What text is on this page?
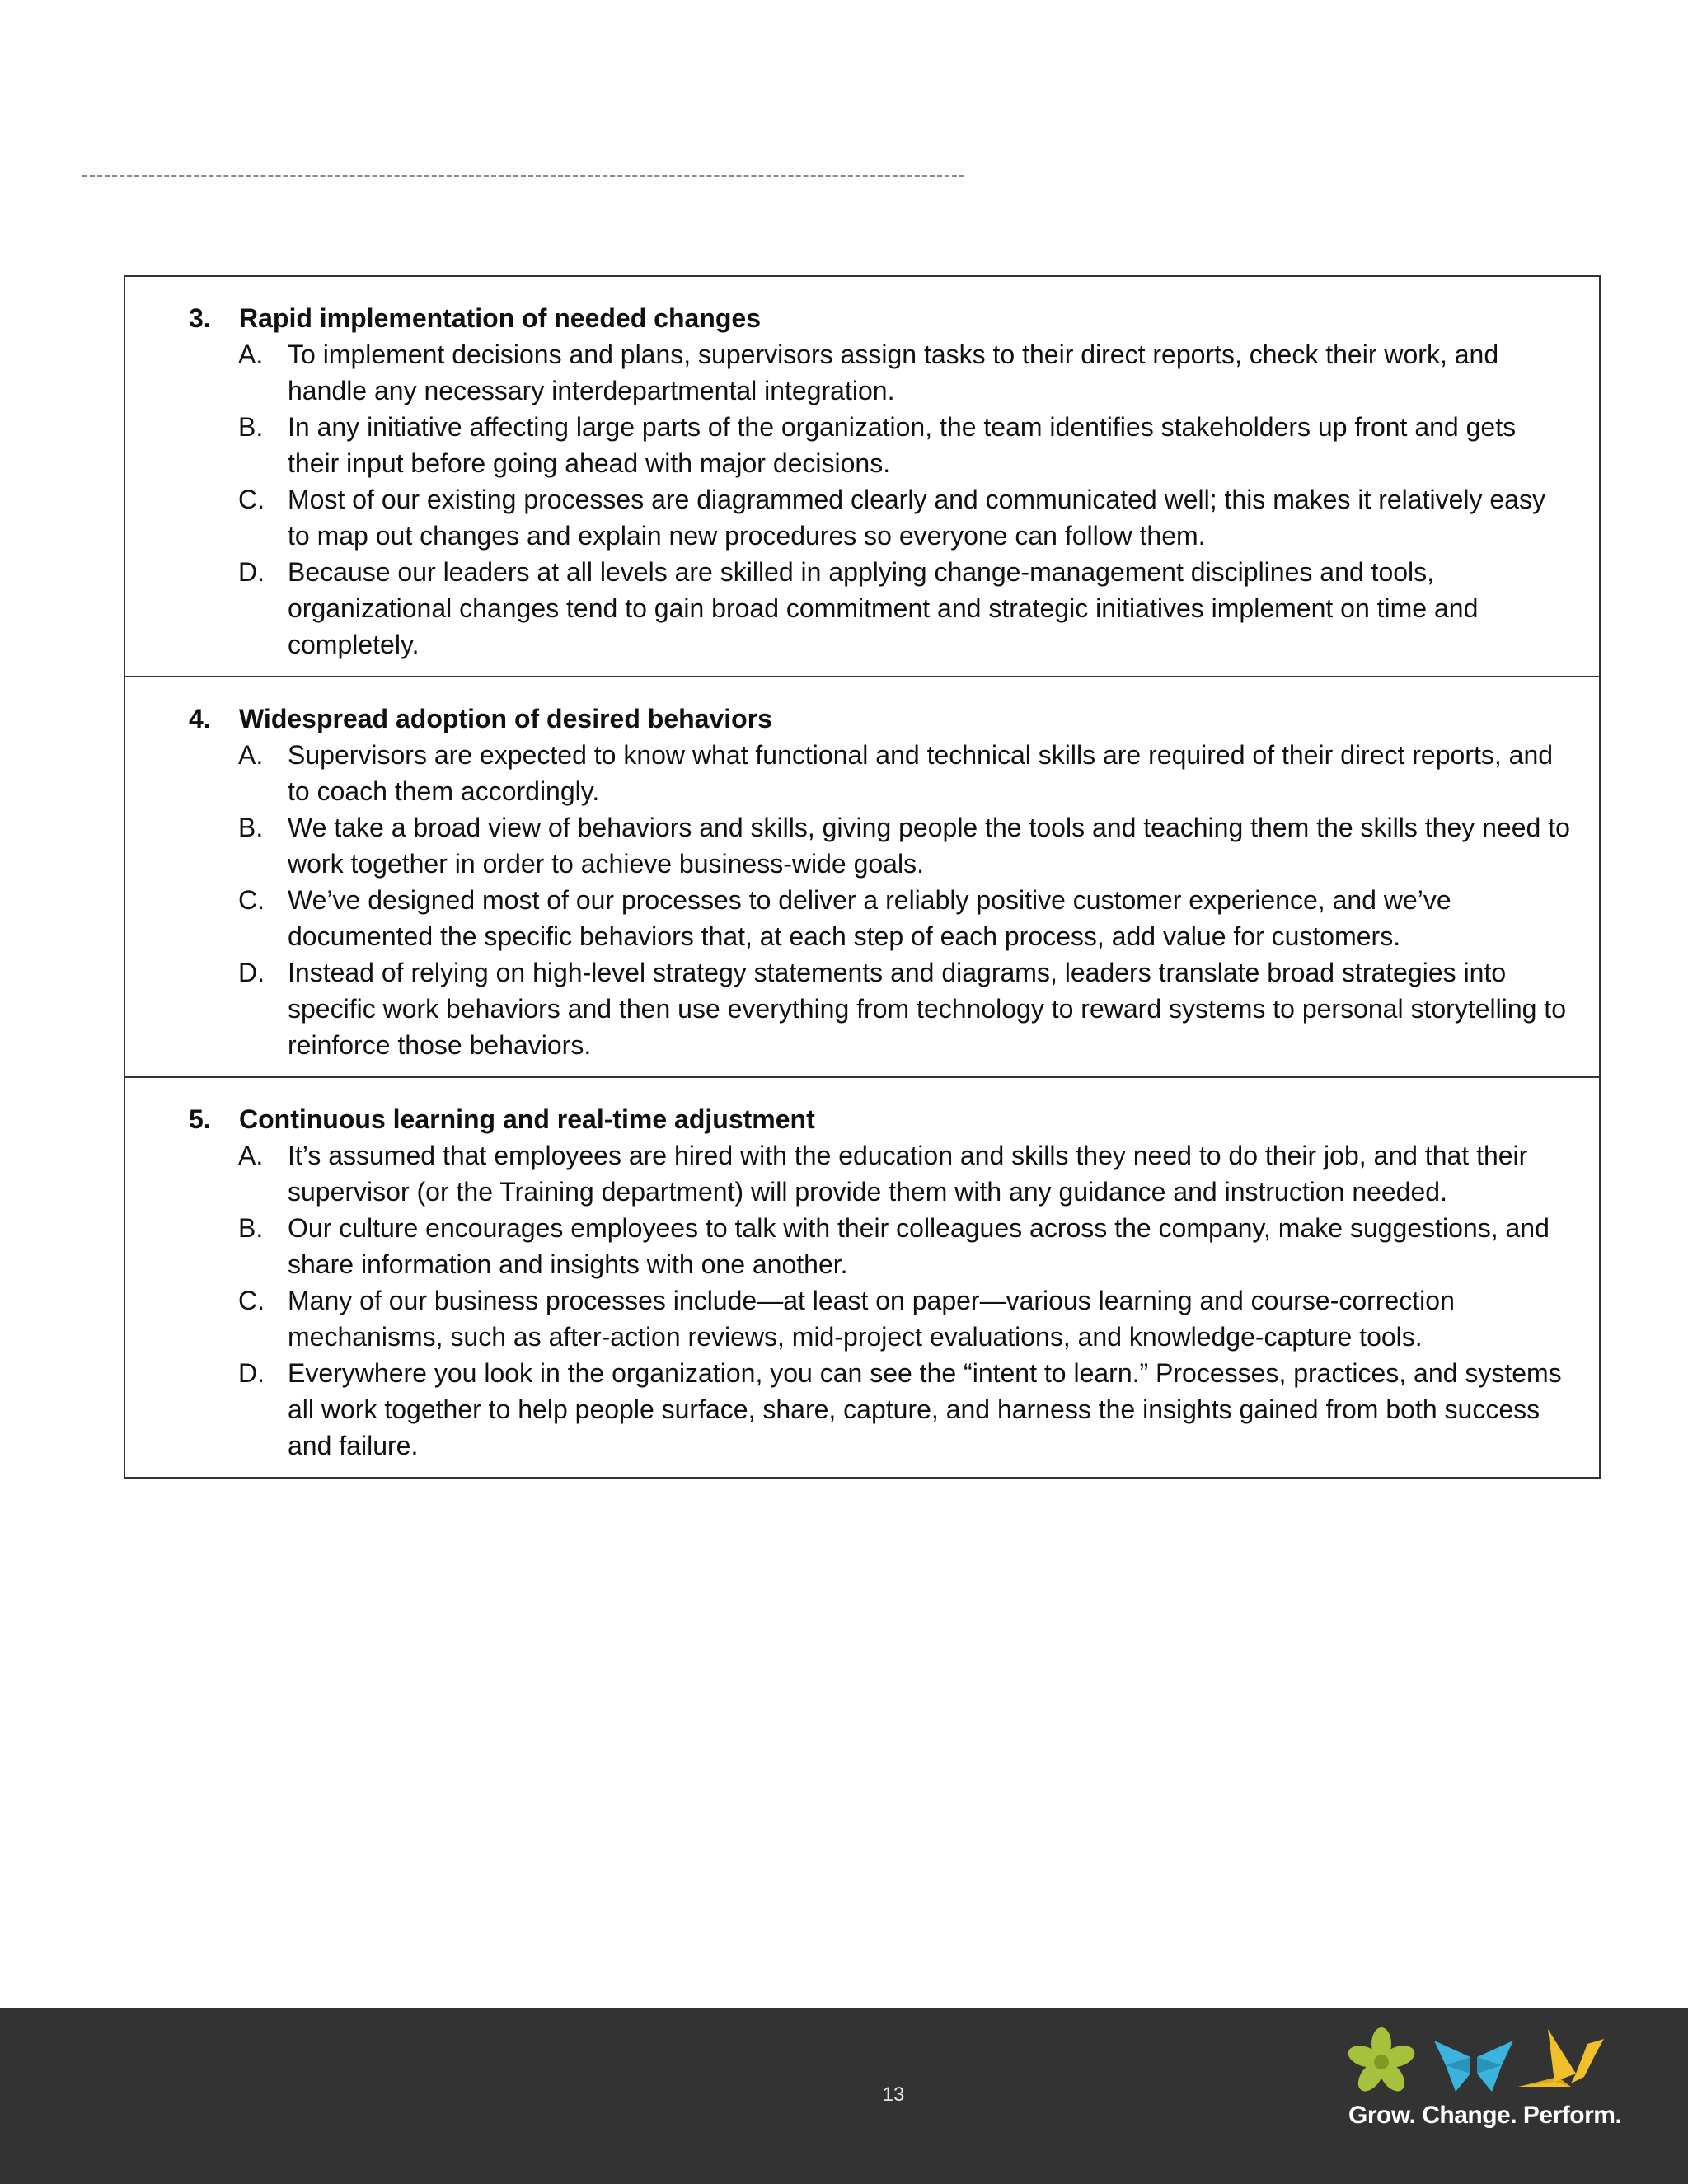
3.	Rapid implementation of needed changes
A. To implement decisions and plans, supervisors assign tasks to their direct reports, check their work, and handle any necessary interdepartmental integration.
B. In any initiative affecting large parts of the organization, the team identifies stakeholders up front and gets their input before going ahead with major decisions.
C. Most of our existing processes are diagrammed clearly and communicated well; this makes it relatively easy to map out changes and explain new procedures so everyone can follow them.
D. Because our leaders at all levels are skilled in applying change-management disciplines and tools, organizational changes tend to gain broad commitment and strategic initiatives implement on time and completely.
4.	Widespread adoption of desired behaviors
A. Supervisors are expected to know what functional and technical skills are required of their direct reports, and to coach them accordingly.
B. We take a broad view of behaviors and skills, giving people the tools and teaching them the skills they need to work together in order to achieve business-wide goals.
C. We’ve designed most of our processes to deliver a reliably positive customer experience, and we’ve documented the specific behaviors that, at each step of each process, add value for customers.
D. Instead of relying on high-level strategy statements and diagrams, leaders translate broad strategies into specific work behaviors and then use everything from technology to reward systems to personal storytelling to reinforce those behaviors.
5.	Continuous learning and real-time adjustment
A. It’s assumed that employees are hired with the education and skills they need to do their job, and that their supervisor (or the Training department) will provide them with any guidance and instruction needed.
B. Our culture encourages employees to talk with their colleagues across the company, make suggestions, and share information and insights with one another.
C. Many of our business processes include—at least on paper—various learning and course-correction mechanisms, such as after-action reviews, mid-project evaluations, and knowledge-capture tools.
D. Everywhere you look in the organization, you can see the “intent to learn.” Processes, practices, and systems all work together to help people surface, share, capture, and harness the insights gained from both success and failure.
13
Grow. Change. Perform.
